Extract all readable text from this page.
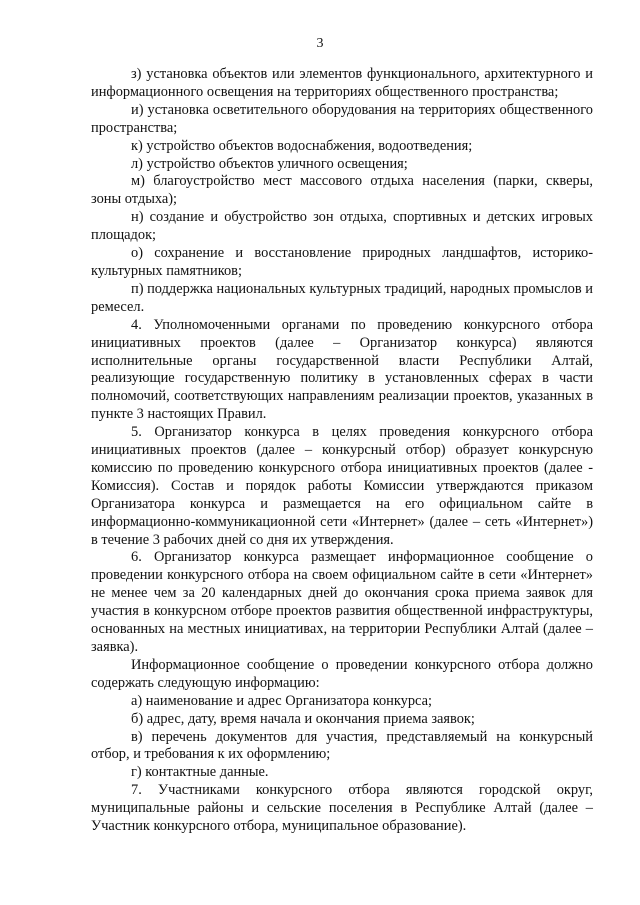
3

з) установка объектов или элементов функционального, архитектурного и информационного освещения на территориях общественного пространства;

и) установка осветительного оборудования на территориях общественного пространства;

к) устройство объектов водоснабжения, водоотведения;

л) устройство объектов уличного освещения;

м) благоустройство мест массового отдыха населения (парки, скверы, зоны отдыха);

н) создание и обустройство зон отдыха, спортивных и детских игровых площадок;

о) сохранение и восстановление природных ландшафтов, историко-культурных памятников;

п) поддержка национальных культурных традиций, народных промыслов и ремесел.

4. Уполномоченными органами по проведению конкурсного отбора инициативных проектов (далее – Организатор конкурса) являются исполнительные органы государственной власти Республики Алтай, реализующие государственную политику в установленных сферах в части полномочий, соответствующих направлениям реализации проектов, указанных в пункте 3 настоящих Правил.

5. Организатор конкурса в целях проведения конкурсного отбора инициативных проектов (далее – конкурсный отбор) образует конкурсную комиссию по проведению конкурсного отбора инициативных проектов (далее - Комиссия). Состав и порядок работы Комиссии утверждаются приказом Организатора конкурса и размещается на его официальном сайте в информационно-коммуникационной сети «Интернет» (далее – сеть «Интернет») в течение 3 рабочих дней со дня их утверждения.

6. Организатор конкурса размещает информационное сообщение о проведении конкурсного отбора на своем официальном сайте в сети «Интернет» не менее чем за 20 календарных дней до окончания срока приема заявок для участия в конкурсном отборе проектов развития общественной инфраструктуры, основанных на местных инициативах, на территории Республики Алтай (далее – заявка).

Информационное сообщение о проведении конкурсного отбора должно содержать следующую информацию:

а) наименование и адрес Организатора конкурса;

б) адрес, дату, время начала и окончания приема заявок;

в) перечень документов для участия, представляемый на конкурсный отбор, и требования к их оформлению;

г) контактные данные.

7. Участниками конкурсного отбора являются городской округ, муниципальные районы и сельские поселения в Республике Алтай (далее – Участник конкурсного отбора, муниципальное образование).
